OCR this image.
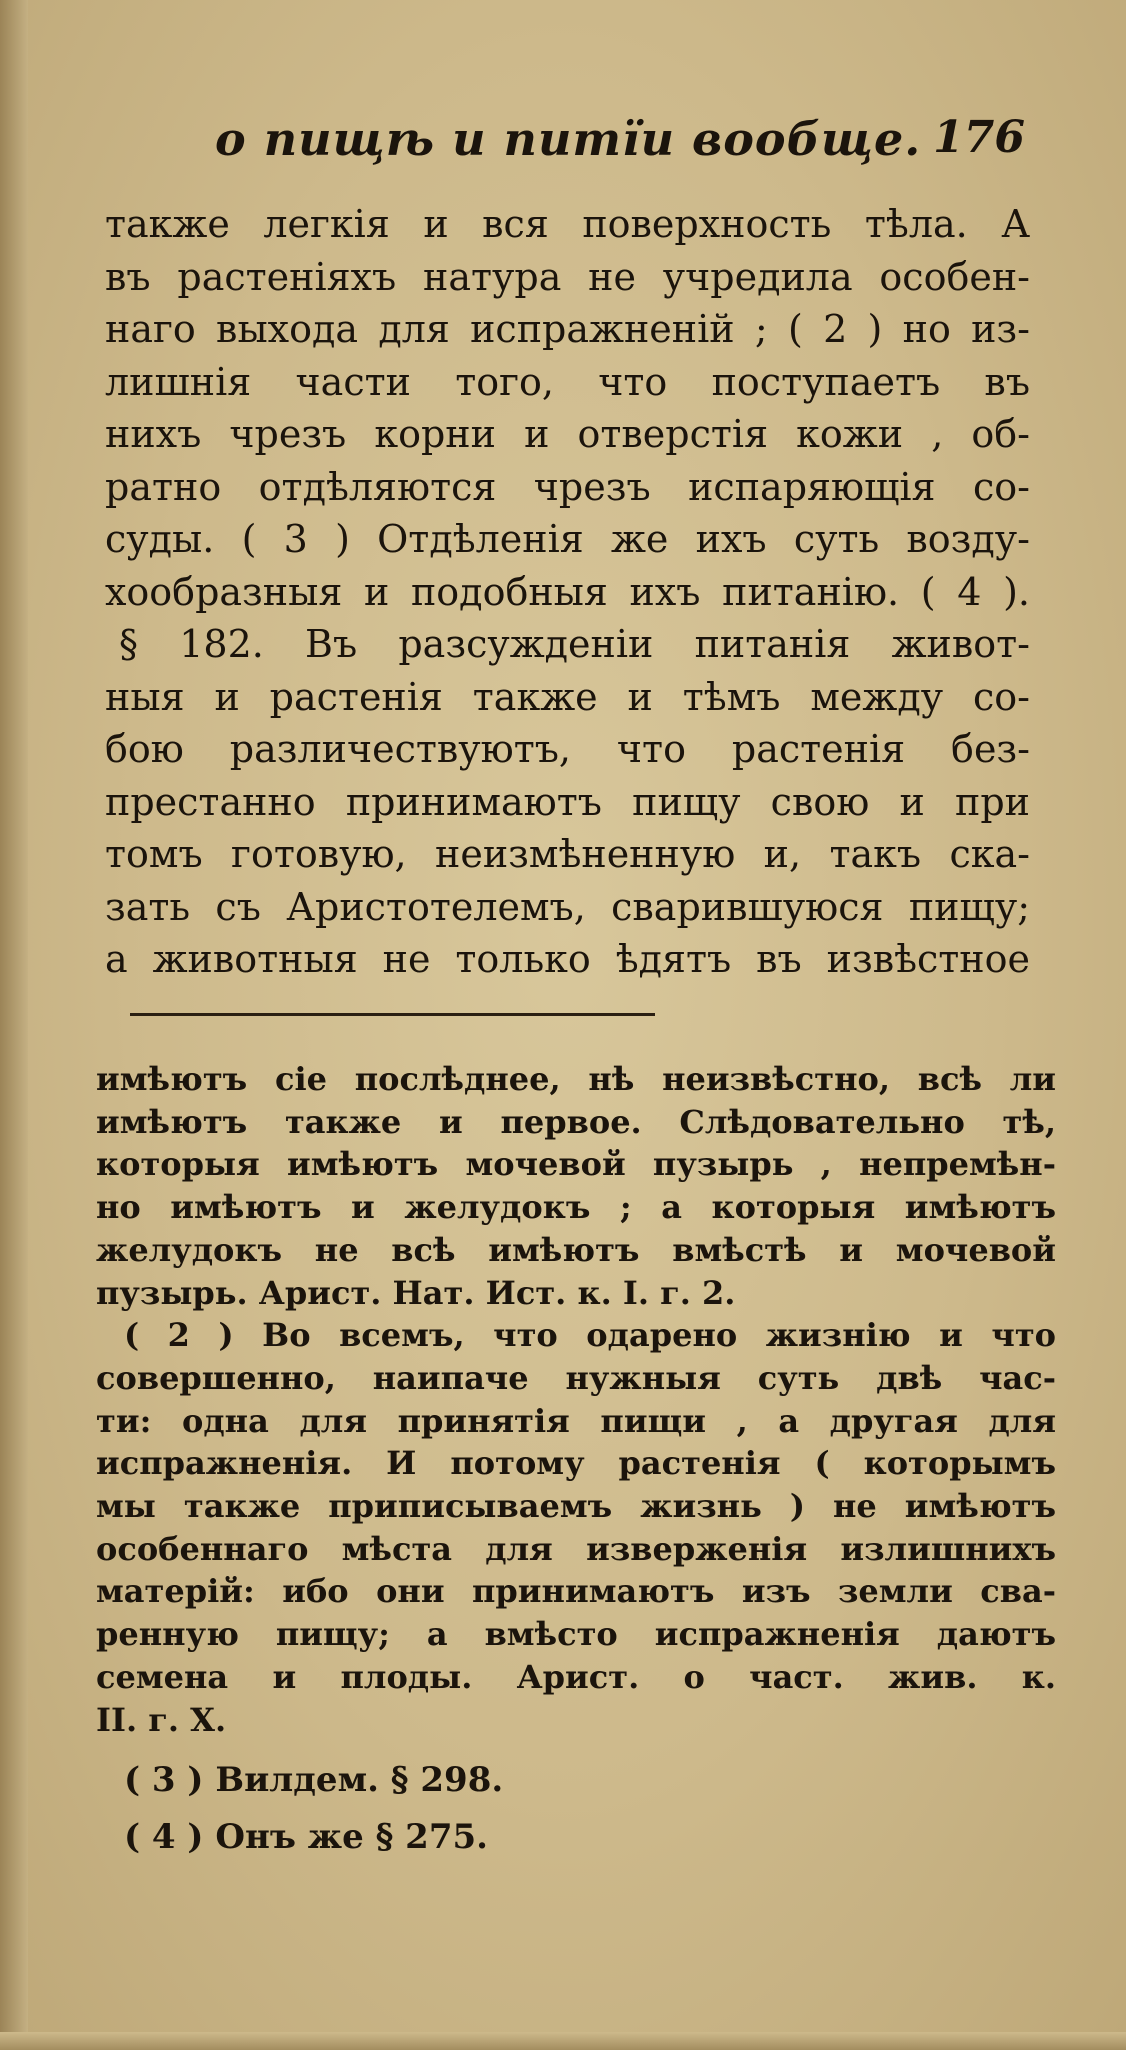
о пищѣ и питїи вообще. 176
также легкія и вся поверхность тѣла. А
въ растеніяхъ натура не учредила особен-
наго выхода для испражненій ; ( 2 ) но из-
лишнія части того, что поступаетъ въ
нихъ чрезъ корни и отверстія кожи , об-
ратно отдѣляются чрезъ испаряющія со-
суды. ( 3 ) Отдѣленія же ихъ суть возду-
хообразныя и подобныя ихъ питанію. ( 4 ).
§ 182. Въ разсужденіи питанія живот-
ныя и растенія также и тѣмъ между со-
бою различествуютъ, что растенія без-
престанно принимаютъ пищу свою и при
томъ готовую, неизмѣненную и, такъ ска-
зать съ Аристотелемъ, сварившуюся пищу;
а животныя не только ѣдятъ въ извѣстное
имѣютъ сіе послѣднее, нѣ неизвѣстно, всѣ ли
имѣютъ также и первое. Слѣдовательно тѣ,
которыя имѣютъ мочевой пузырь , непремѣн-
но имѣютъ и желудокъ ; а которыя имѣютъ
желудокъ не всѣ имѣютъ вмѣстѣ и мочевой
пузырь. Арист. Нат. Ист. к. I. г. 2.
( 2 ) Во всемъ, что одарено жизнію и что
совершенно, наипаче нужныя суть двѣ час-
ти: одна для принятія пищи , а другая для
испражненія. И потому растенія ( которымъ
мы также приписываемъ жизнь ) не имѣютъ
особеннаго мѣста для изверженія излишнихъ
матерій: ибо они принимаютъ изъ земли сва-
ренную пищу; а вмѣсто испражненія даютъ
семена и плоды. Арист. о част. жив. к.
II. г. X.
( 3 ) Вилдем. § 298.
( 4 ) Онъ же § 275.
